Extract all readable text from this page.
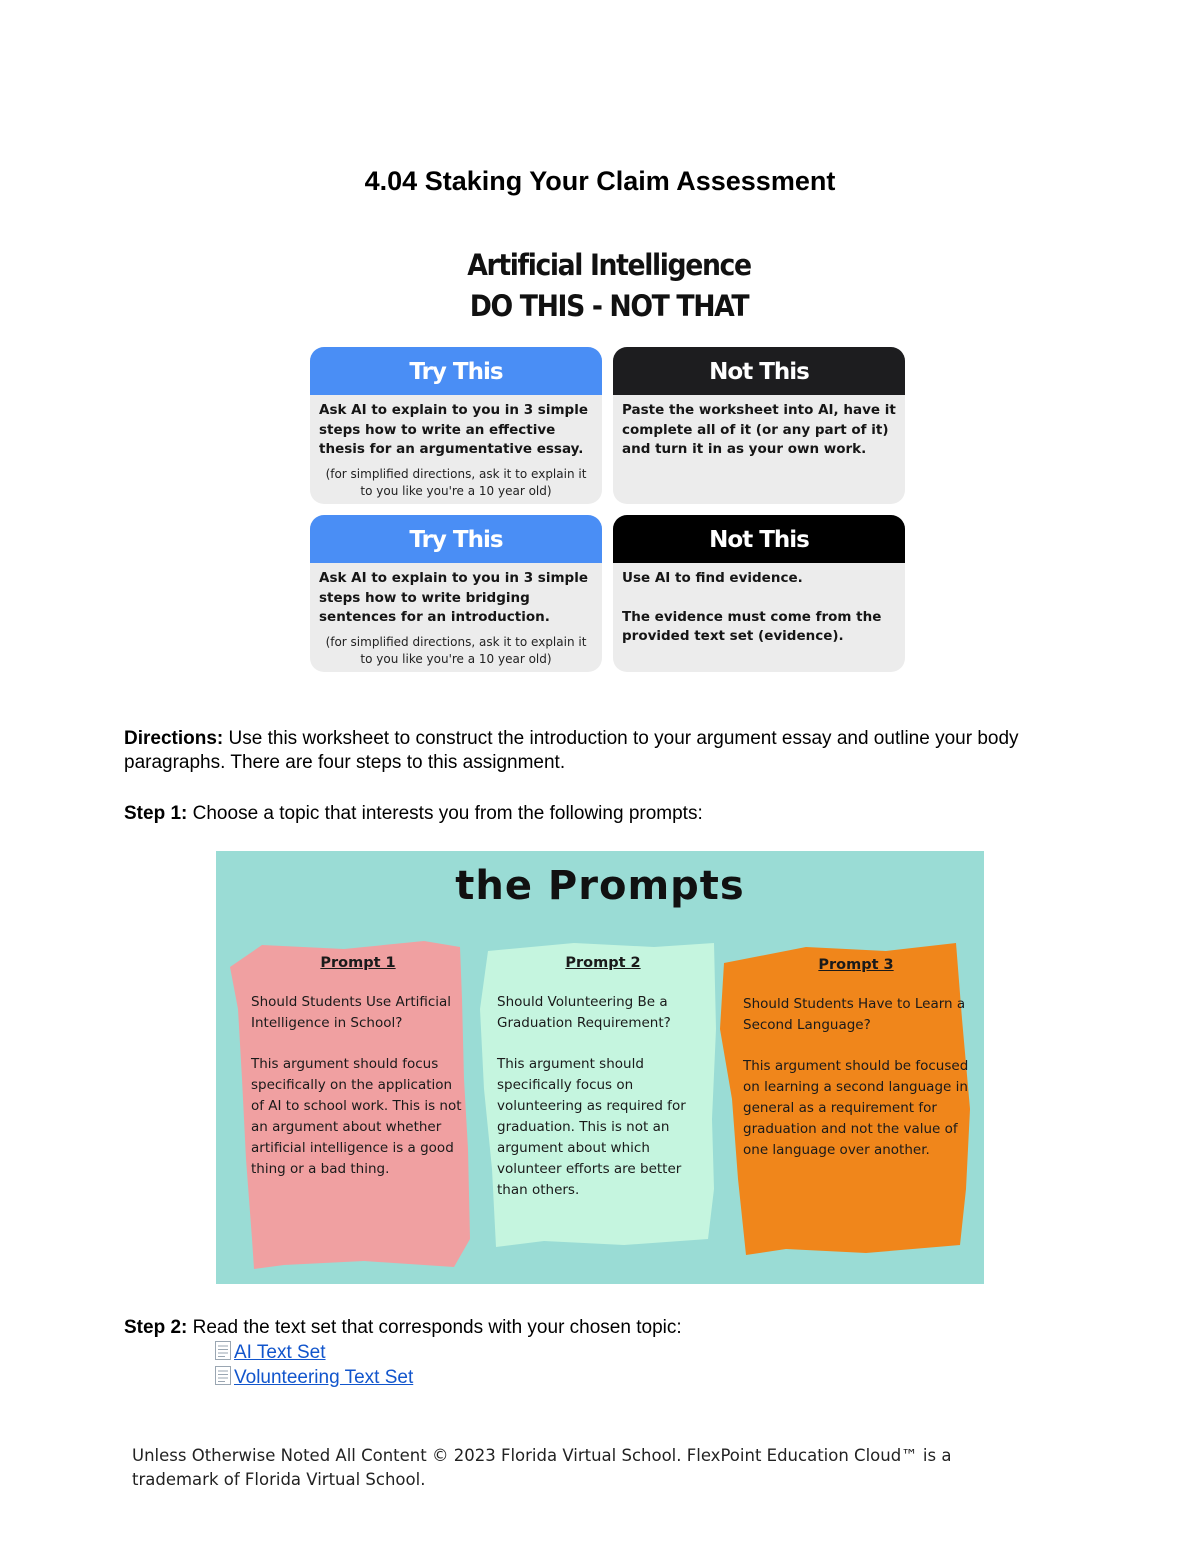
4.04 Staking Your Claim Assessment
Artificial Intelligence
DO THIS - NOT THAT
Try This
Ask AI to explain to you in 3 simple steps how to write an effective thesis for an argumentative essay.
(for simplified directions, ask it to explain it to you like you're a 10 year old)
Not This
Paste the worksheet into AI, have it complete all of it (or any part of it) and turn it in as your own work.
Try This
Ask AI to explain to you in 3 simple steps how to write bridging sentences for an introduction.
(for simplified directions, ask it to explain it to you like you're a 10 year old)
Not This
Use AI to find evidence.
The evidence must come from the provided text set (evidence).
Directions: Use this worksheet to construct the introduction to your argument essay and outline your body paragraphs. There are four steps to this assignment.
Step 1: Choose a topic that interests you from the following prompts:
the Prompts
Prompt 1
Should Students Use Artificial Intelligence in School?
This argument should focus specifically on the application of AI to school work. This is not an argument about whether artificial intelligence is a good thing or a bad thing.
Prompt 2
Should Volunteering Be a Graduation Requirement?
This argument should specifically focus on volunteering as required for graduation. This is not an argument about which volunteer efforts are better than others.
Prompt 3
Should Students Have to Learn a Second Language?
This argument should be focused on learning a second language in general as a requirement for graduation and not the value of one language over another.
Step 2: Read the text set that corresponds with your chosen topic:
AI Text Set
Volunteering Text Set
Unless Otherwise Noted All Content © 2023 Florida Virtual School. FlexPoint Education Cloud™ is a trademark of Florida Virtual School.
